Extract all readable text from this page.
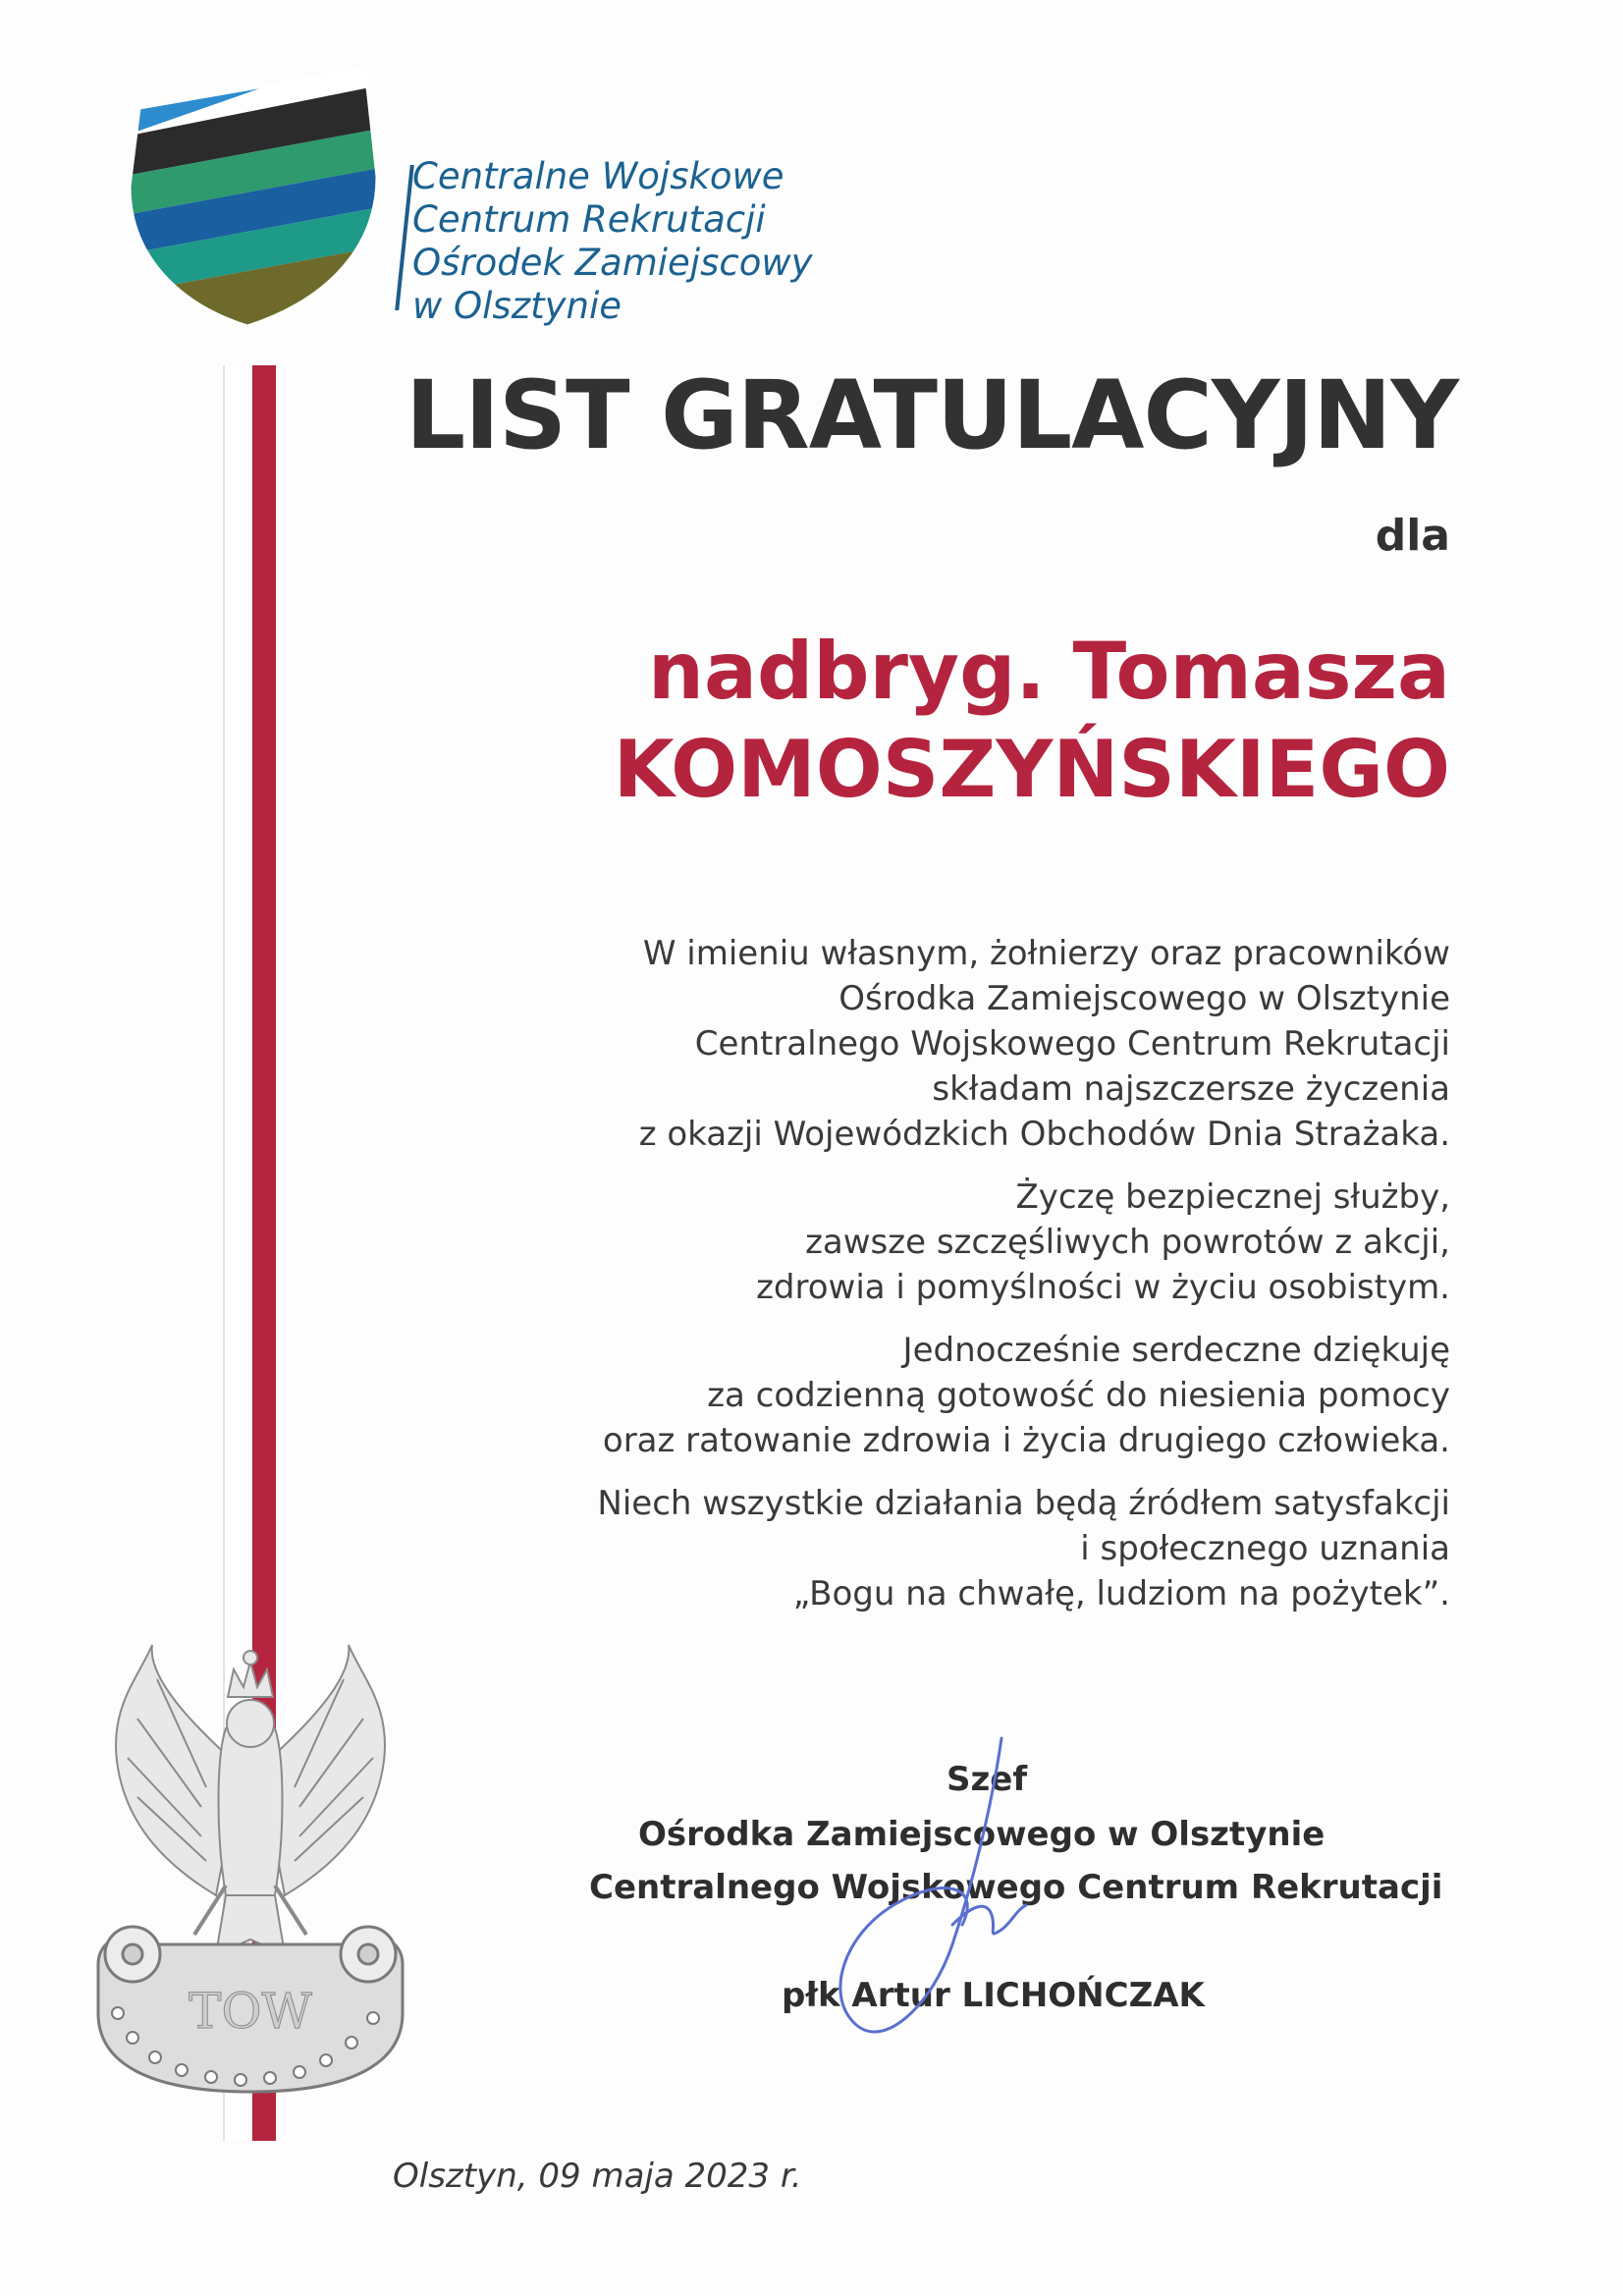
Centralne Wojskowe
Centrum Rekrutacji
Ośrodek Zamiejscowy
w Olsztynie
TOW
LIST GRATULACYJNY
dla
nadbryg. Tomasza
KOMOSZYŃSKIEGO

W imieniu własnym, żołnierzy oraz pracowników
Ośrodka Zamiejscowego w Olsztynie
Centralnego Wojskowego Centrum Rekrutacji
składam najszczersze życzenia
z okazji Wojewódzkich Obchodów Dnia Strażaka.

Życzę bezpiecznej służby,
zawsze szczęśliwych powrotów z akcji,
zdrowia i pomyślności w życiu osobistym.

Jednocześnie serdeczne dziękuję
za codzienną gotowość do niesienia pomocy
oraz ratowanie zdrowia i życia drugiego człowieka.

Niech wszystkie działania będą źródłem satysfakcji
i społecznego uznania
„Bogu na chwałę, ludziom na pożytek”.

Szef
Ośrodka Zamiejscowego w Olsztynie
Centralnego Wojskowego Centrum Rekrutacji
płk Artur LICHOŃCZAK
Olsztyn, 09 maja 2023 r.
